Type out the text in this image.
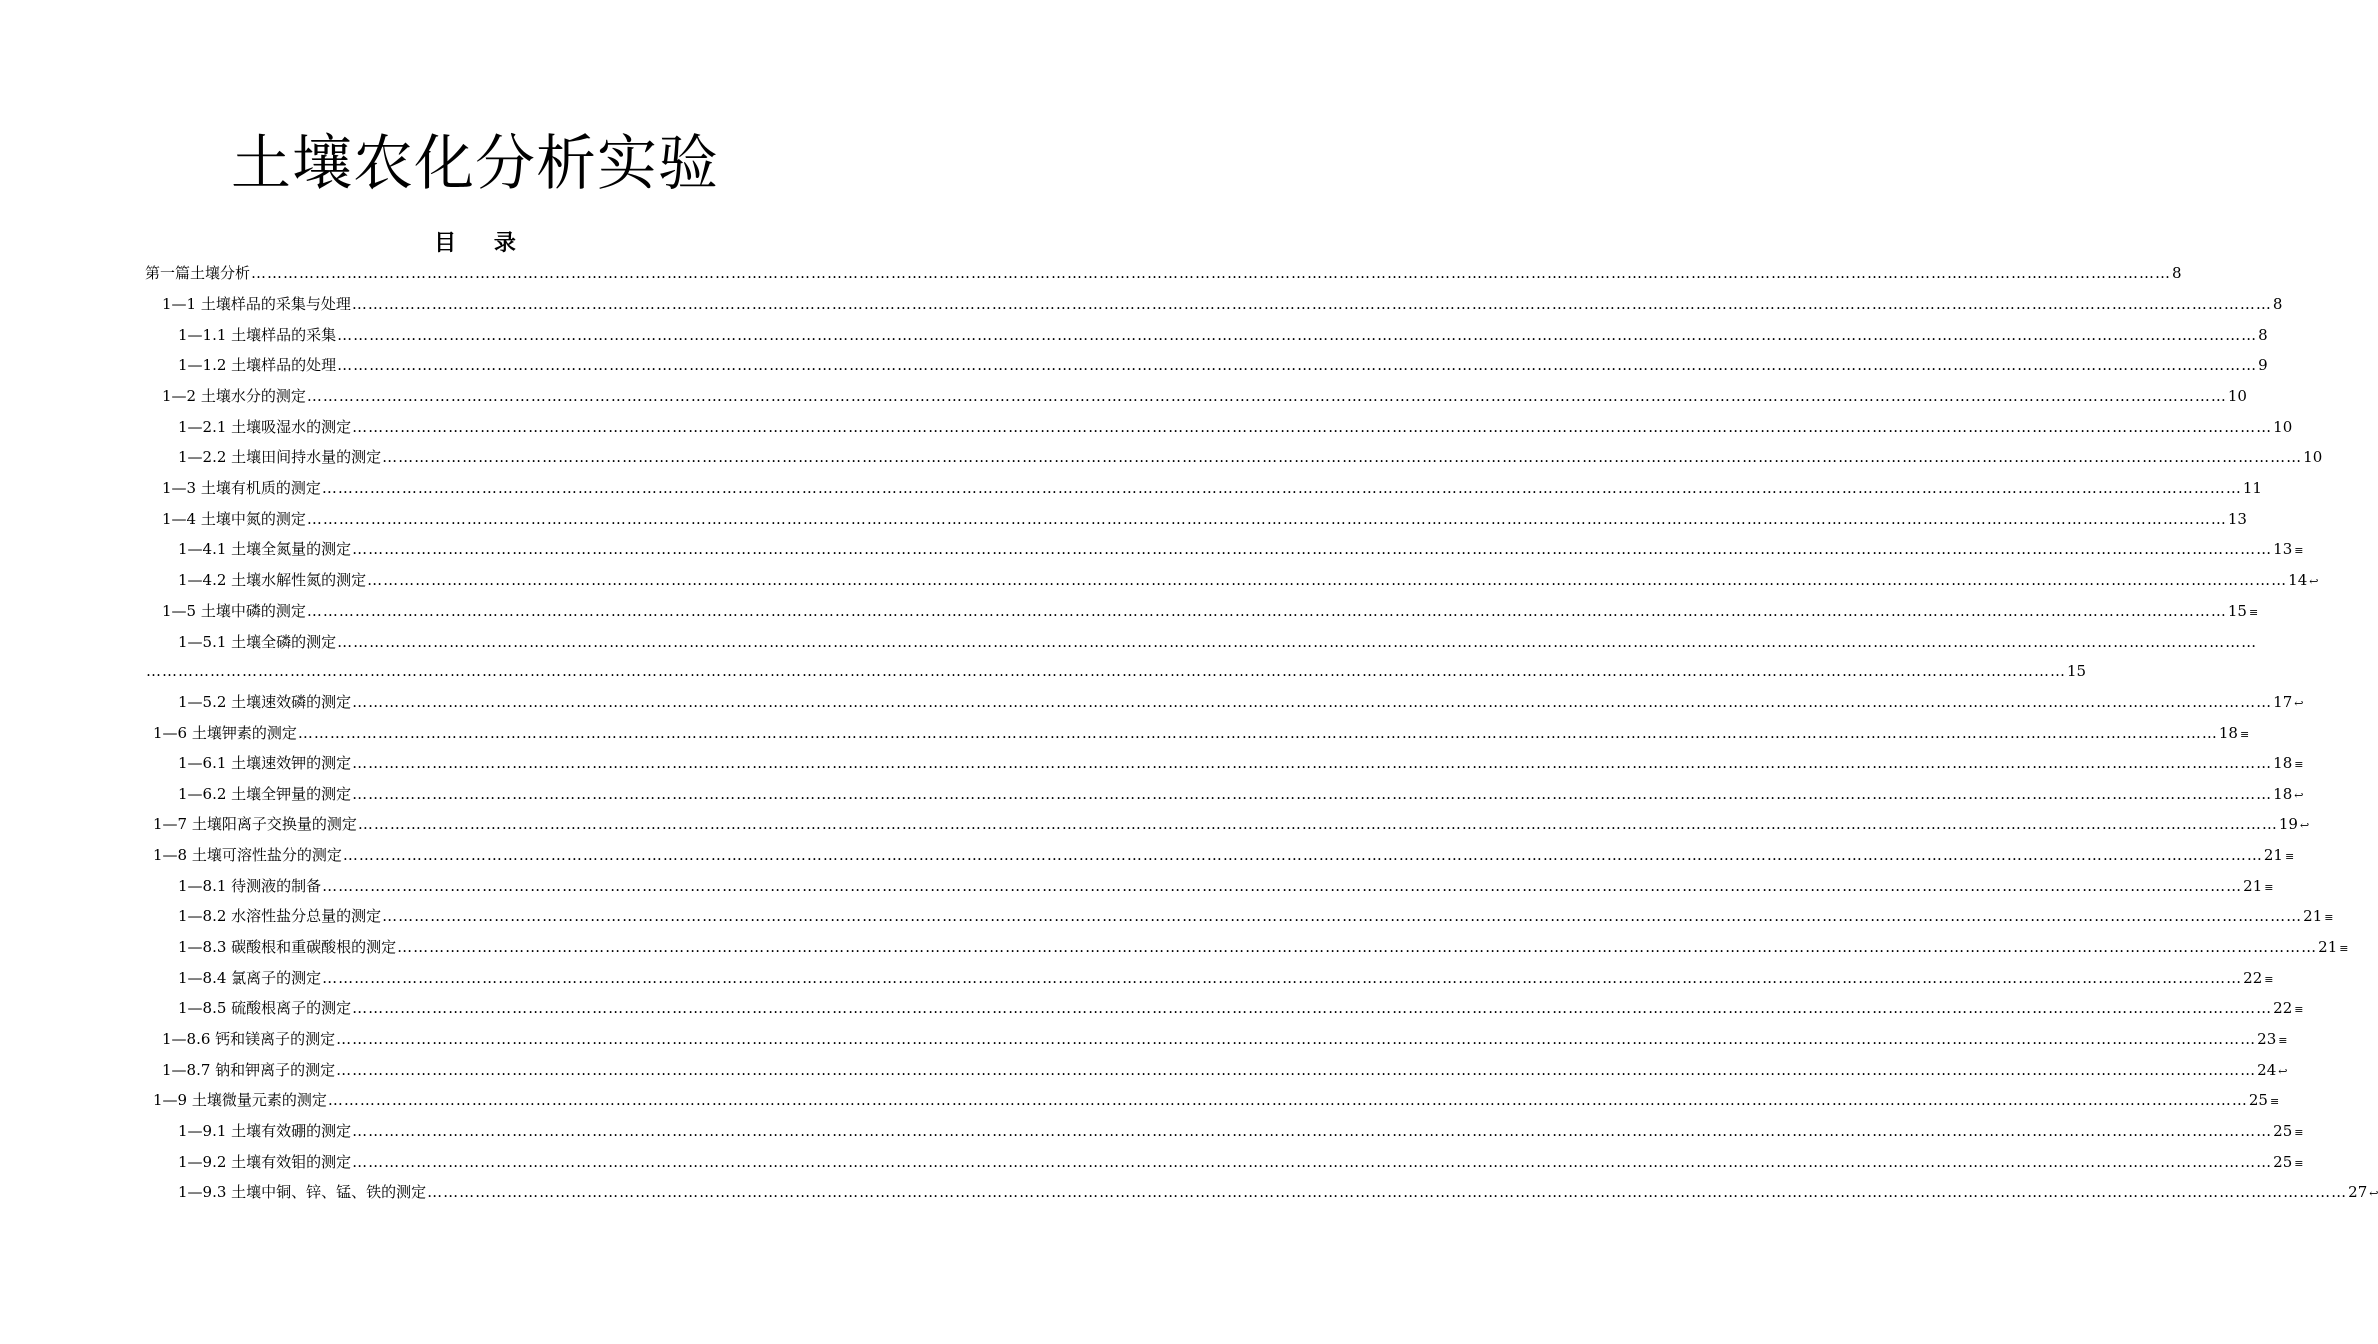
土壤农化分析实验
目 录
第一篇土壤分析 ……………………………………………………………………………………………………………………………………………………………………………………………………………………………………………………………………………………………………………………………… 8
1—1 土壤样品的采集与处理 ……………………………………………………………………………………………………………………………………………………………………………………………………………………………………………………………………………………………………………………………… 8
1—1.1 土壤样品的采集 ……………………………………………………………………………………………………………………………………………………………………………………………………………………………………………………………………………………………………………………………… 8
1—1.2 土壤样品的处理 ……………………………………………………………………………………………………………………………………………………………………………………………………………………………………………………………………………………………………………………………… 9
1—2 土壤水分的测定 ……………………………………………………………………………………………………………………………………………………………………………………………………………………………………………………………………………………………………………………………… 10
1—2.1 土壤吸湿水的测定 ……………………………………………………………………………………………………………………………………………………………………………………………………………………………………………………………………………………………………………………………… 10
1—2.2 土壤田间持水量的测定 ……………………………………………………………………………………………………………………………………………………………………………………………………………………………………………………………………………………………………………………………… 10
1—3 土壤有机质的测定 ……………………………………………………………………………………………………………………………………………………………………………………………………………………………………………………………………………………………………………………………… 11
1—4 土壤中氮的测定 ……………………………………………………………………………………………………………………………………………………………………………………………………………………………………………………………………………………………………………………………… 13
1—4.1 土壤全氮量的测定 ……………………………………………………………………………………………………………………………………………………………………………………………………………………………………………………………………………………………………………………………… 13 ≡
1—4.2 土壤水解性氮的测定 ……………………………………………………………………………………………………………………………………………………………………………………………………………………………………………………………………………………………………………………………… 14 ↩
1—5 土壤中磷的测定 ……………………………………………………………………………………………………………………………………………………………………………………………………………………………………………………………………………………………………………………………… 15 ≡
1—5.1 土壤全磷的测定 ………………………………………………………………………………………………………………………………………………………………………………………………………………………………………………………………………………………………………………………………
……………………………………………………………………………………………………………………………………………………………………………………………………………………………………………………………………………………………………………………………… 15
1—5.2 土壤速效磷的测定 ……………………………………………………………………………………………………………………………………………………………………………………………………………………………………………………………………………………………………………………………… 17 ↩
1—6 土壤钾素的测定 ……………………………………………………………………………………………………………………………………………………………………………………………………………………………………………………………………………………………………………………………… 18 ≡
1—6.1 土壤速效钾的测定 ……………………………………………………………………………………………………………………………………………………………………………………………………………………………………………………………………………………………………………………………… 18 ≡
1—6.2 土壤全钾量的测定 ……………………………………………………………………………………………………………………………………………………………………………………………………………………………………………………………………………………………………………………………… 18 ↩
1—7 土壤阳离子交换量的测定 ……………………………………………………………………………………………………………………………………………………………………………………………………………………………………………………………………………………………………………………………… 19 ↩
1—8 土壤可溶性盐分的测定 ……………………………………………………………………………………………………………………………………………………………………………………………………………………………………………………………………………………………………………………………… 21 ≡
1—8.1 待测液的制备 ……………………………………………………………………………………………………………………………………………………………………………………………………………………………………………………………………………………………………………………………… 21 ≡
1—8.2 水溶性盐分总量的测定 ……………………………………………………………………………………………………………………………………………………………………………………………………………………………………………………………………………………………………………………………… 21 ≡
1—8.3 碳酸根和重碳酸根的测定 ……………………………………………………………………………………………………………………………………………………………………………………………………………………………………………………………………………………………………………………………… 21 ≡
1—8.4 氯离子的测定 ……………………………………………………………………………………………………………………………………………………………………………………………………………………………………………………………………………………………………………………………… 22 ≡
1—8.5 硫酸根离子的测定 ……………………………………………………………………………………………………………………………………………………………………………………………………………………………………………………………………………………………………………………………… 22 ≡
1—8.6 钙和镁离子的测定 ……………………………………………………………………………………………………………………………………………………………………………………………………………………………………………………………………………………………………………………………… 23 ≡
1—8.7 钠和钾离子的测定 ……………………………………………………………………………………………………………………………………………………………………………………………………………………………………………………………………………………………………………………………… 24 ↩
1—9 土壤微量元素的测定 ……………………………………………………………………………………………………………………………………………………………………………………………………………………………………………………………………………………………………………………………… 25 ≡
1—9.1 土壤有效硼的测定 ……………………………………………………………………………………………………………………………………………………………………………………………………………………………………………………………………………………………………………………………… 25 ≡
1—9.2 土壤有效钼的测定 ……………………………………………………………………………………………………………………………………………………………………………………………………………………………………………………………………………………………………………………………… 25 ≡
1—9.3 土壤中铜、锌、锰、铁的测定 ……………………………………………………………………………………………………………………………………………………………………………………………………………………………………………………………………………………………………………………………… 27 ↩
